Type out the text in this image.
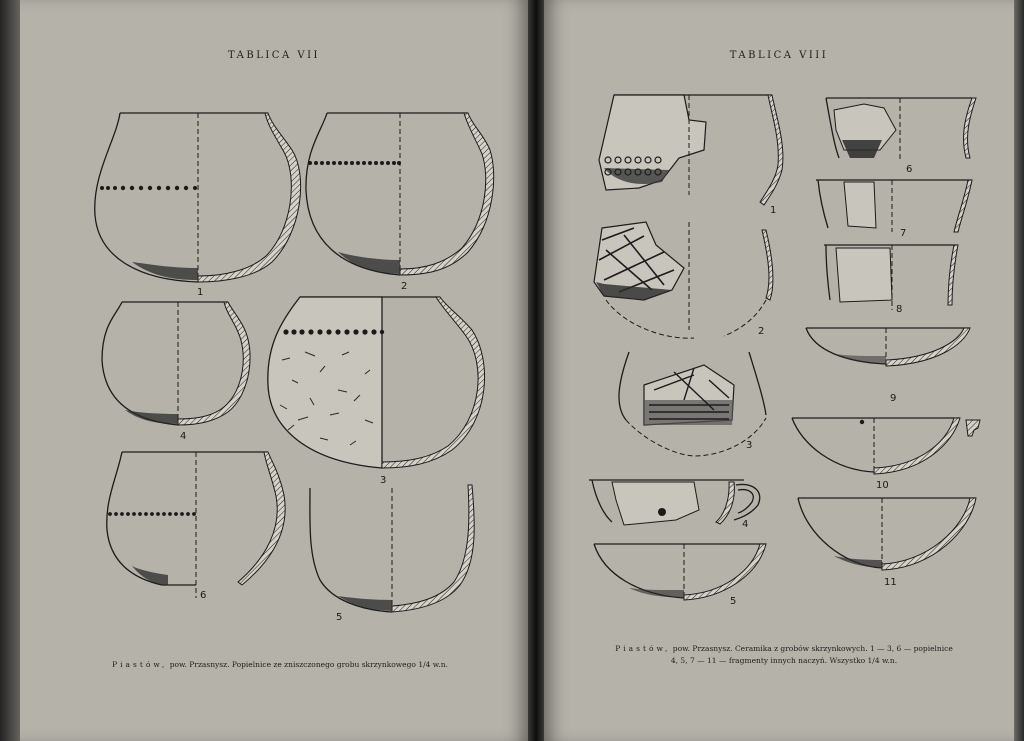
TABLICA VII
1
2
4
3
6
5
Piastów, pow. Przasnysz. Popielnice ze zniszczonego grobu skrzynkowego 1/4 w.n.
TABLICA VIII
1
2
3
4
5
6
7
8
9
10
11
Piastów, pow. Przasnysz. Ceramika z grobów skrzynkowych. 1 — 3, 6 — popielnice
4, 5, 7 — 11 — fragmenty innych naczyń. Wszystko 1/4 w.n.
